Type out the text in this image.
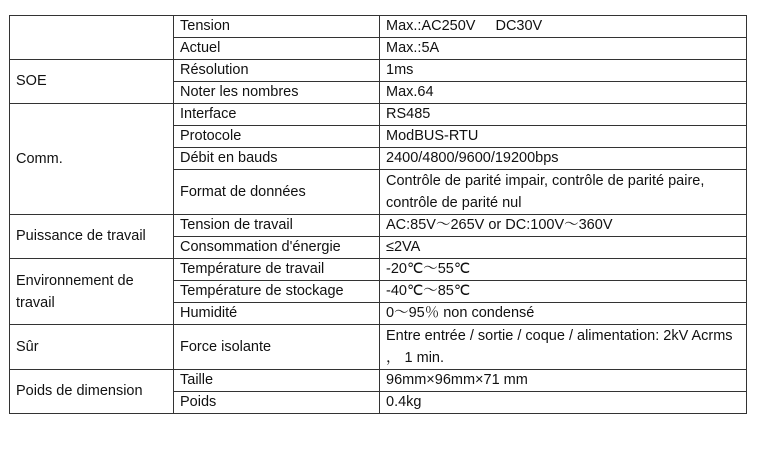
	Tension	Max.:AC250V DC30V
	Actuel	Max.:5A
SOE	Résolution	1ms
	Noter les nombres	Max.64
Comm.	Interface	RS485
	Protocole	ModBUS-RTU
	Débit en bauds	2400/4800/9600/19200bps
	Format de données	Contrôle de parité impair, contrôle de parité paire, contrôle de parité nul
Puissance de travail	Tension de travail	AC:85V～265V or DC:100V～360V
	Consommation d'énergie	≤2VA
Environnement de travail	Température de travail	-20℃～55℃
	Température de stockage	-40℃～85℃
	Humidité	0～95％ non condensé
Sûr	Force isolante	Entre entrée / sortie / coque / alimentation: 2kV Acrms ， 1 min.
Poids de dimension	Taille	96mm×96mm×71 mm
	Poids	0.4kg
